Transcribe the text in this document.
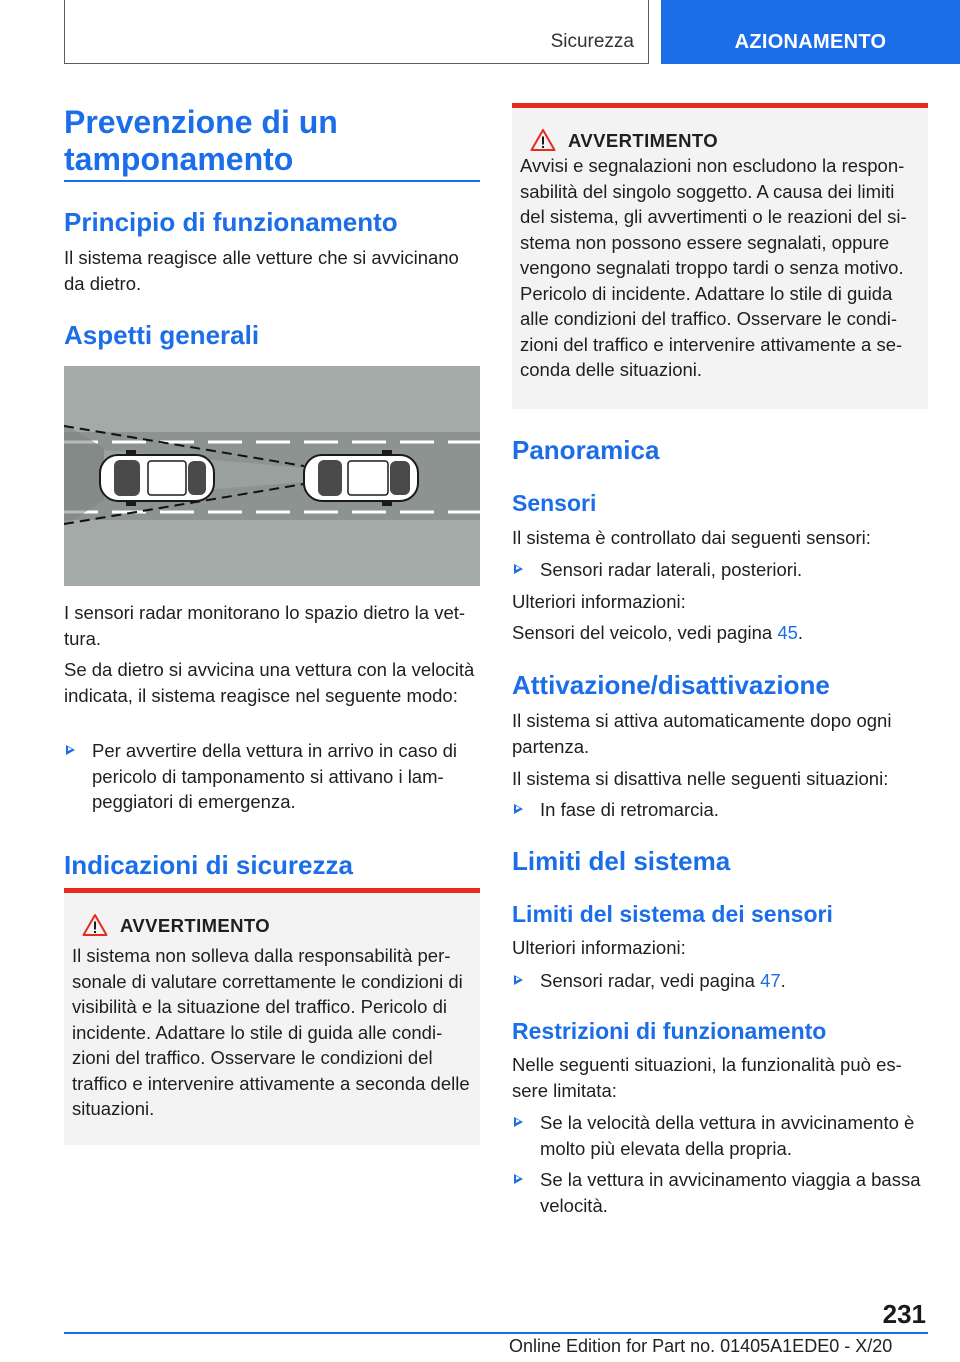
Sicurezza	AZIONAMENTO
Prevenzione di un tamponamento
Principio di funzionamento
Il sistema reagisce alle vetture che si avvicinano da dietro.
Aspetti generali
I sensori radar monitorano lo spazio dietro la vettura.
Se da dietro si avvicina una vettura con la velocità indicata, il sistema reagisce nel seguente modo:
Per avvertire della vettura in arrivo in caso di pericolo di tamponamento si attivano i lampeggiatori di emergenza.
Indicazioni di sicurezza
AVVERTIMENTO
Il sistema non solleva dalla responsabilità personale di valutare correttamente le condizioni di visibilità e la situazione del traffico. Pericolo di incidente. Adattare lo stile di guida alle condizioni del traffico. Osservare le condizioni del traffico e intervenire attivamente a seconda delle situazioni.
AVVERTIMENTO
Avvisi e segnalazioni non escludono la responsabilità del singolo soggetto. A causa dei limiti del sistema, gli avvertimenti o le reazioni del sistema non possono essere segnalati, oppure vengono segnalati troppo tardi o senza motivo. Pericolo di incidente. Adattare lo stile di guida alle condizioni del traffico. Osservare le condizioni del traffico e intervenire attivamente a seconda delle situazioni.
Panoramica
Sensori
Il sistema è controllato dai seguenti sensori:
Sensori radar laterali, posteriori.
Ulteriori informazioni:
Sensori del veicolo, vedi pagina 45.
Attivazione/disattivazione
Il sistema si attiva automaticamente dopo ogni partenza.
Il sistema si disattiva nelle seguenti situazioni:
In fase di retromarcia.
Limiti del sistema
Limiti del sistema dei sensori
Ulteriori informazioni:
Sensori radar, vedi pagina 47.
Restrizioni di funzionamento
Nelle seguenti situazioni, la funzionalità può essere limitata:
Se la velocità della vettura in avvicinamento è molto più elevata della propria.
Se la vettura in avvicinamento viaggia a bassa velocità.
231
Online Edition for Part no. 01405A1EDE0 - X/20
